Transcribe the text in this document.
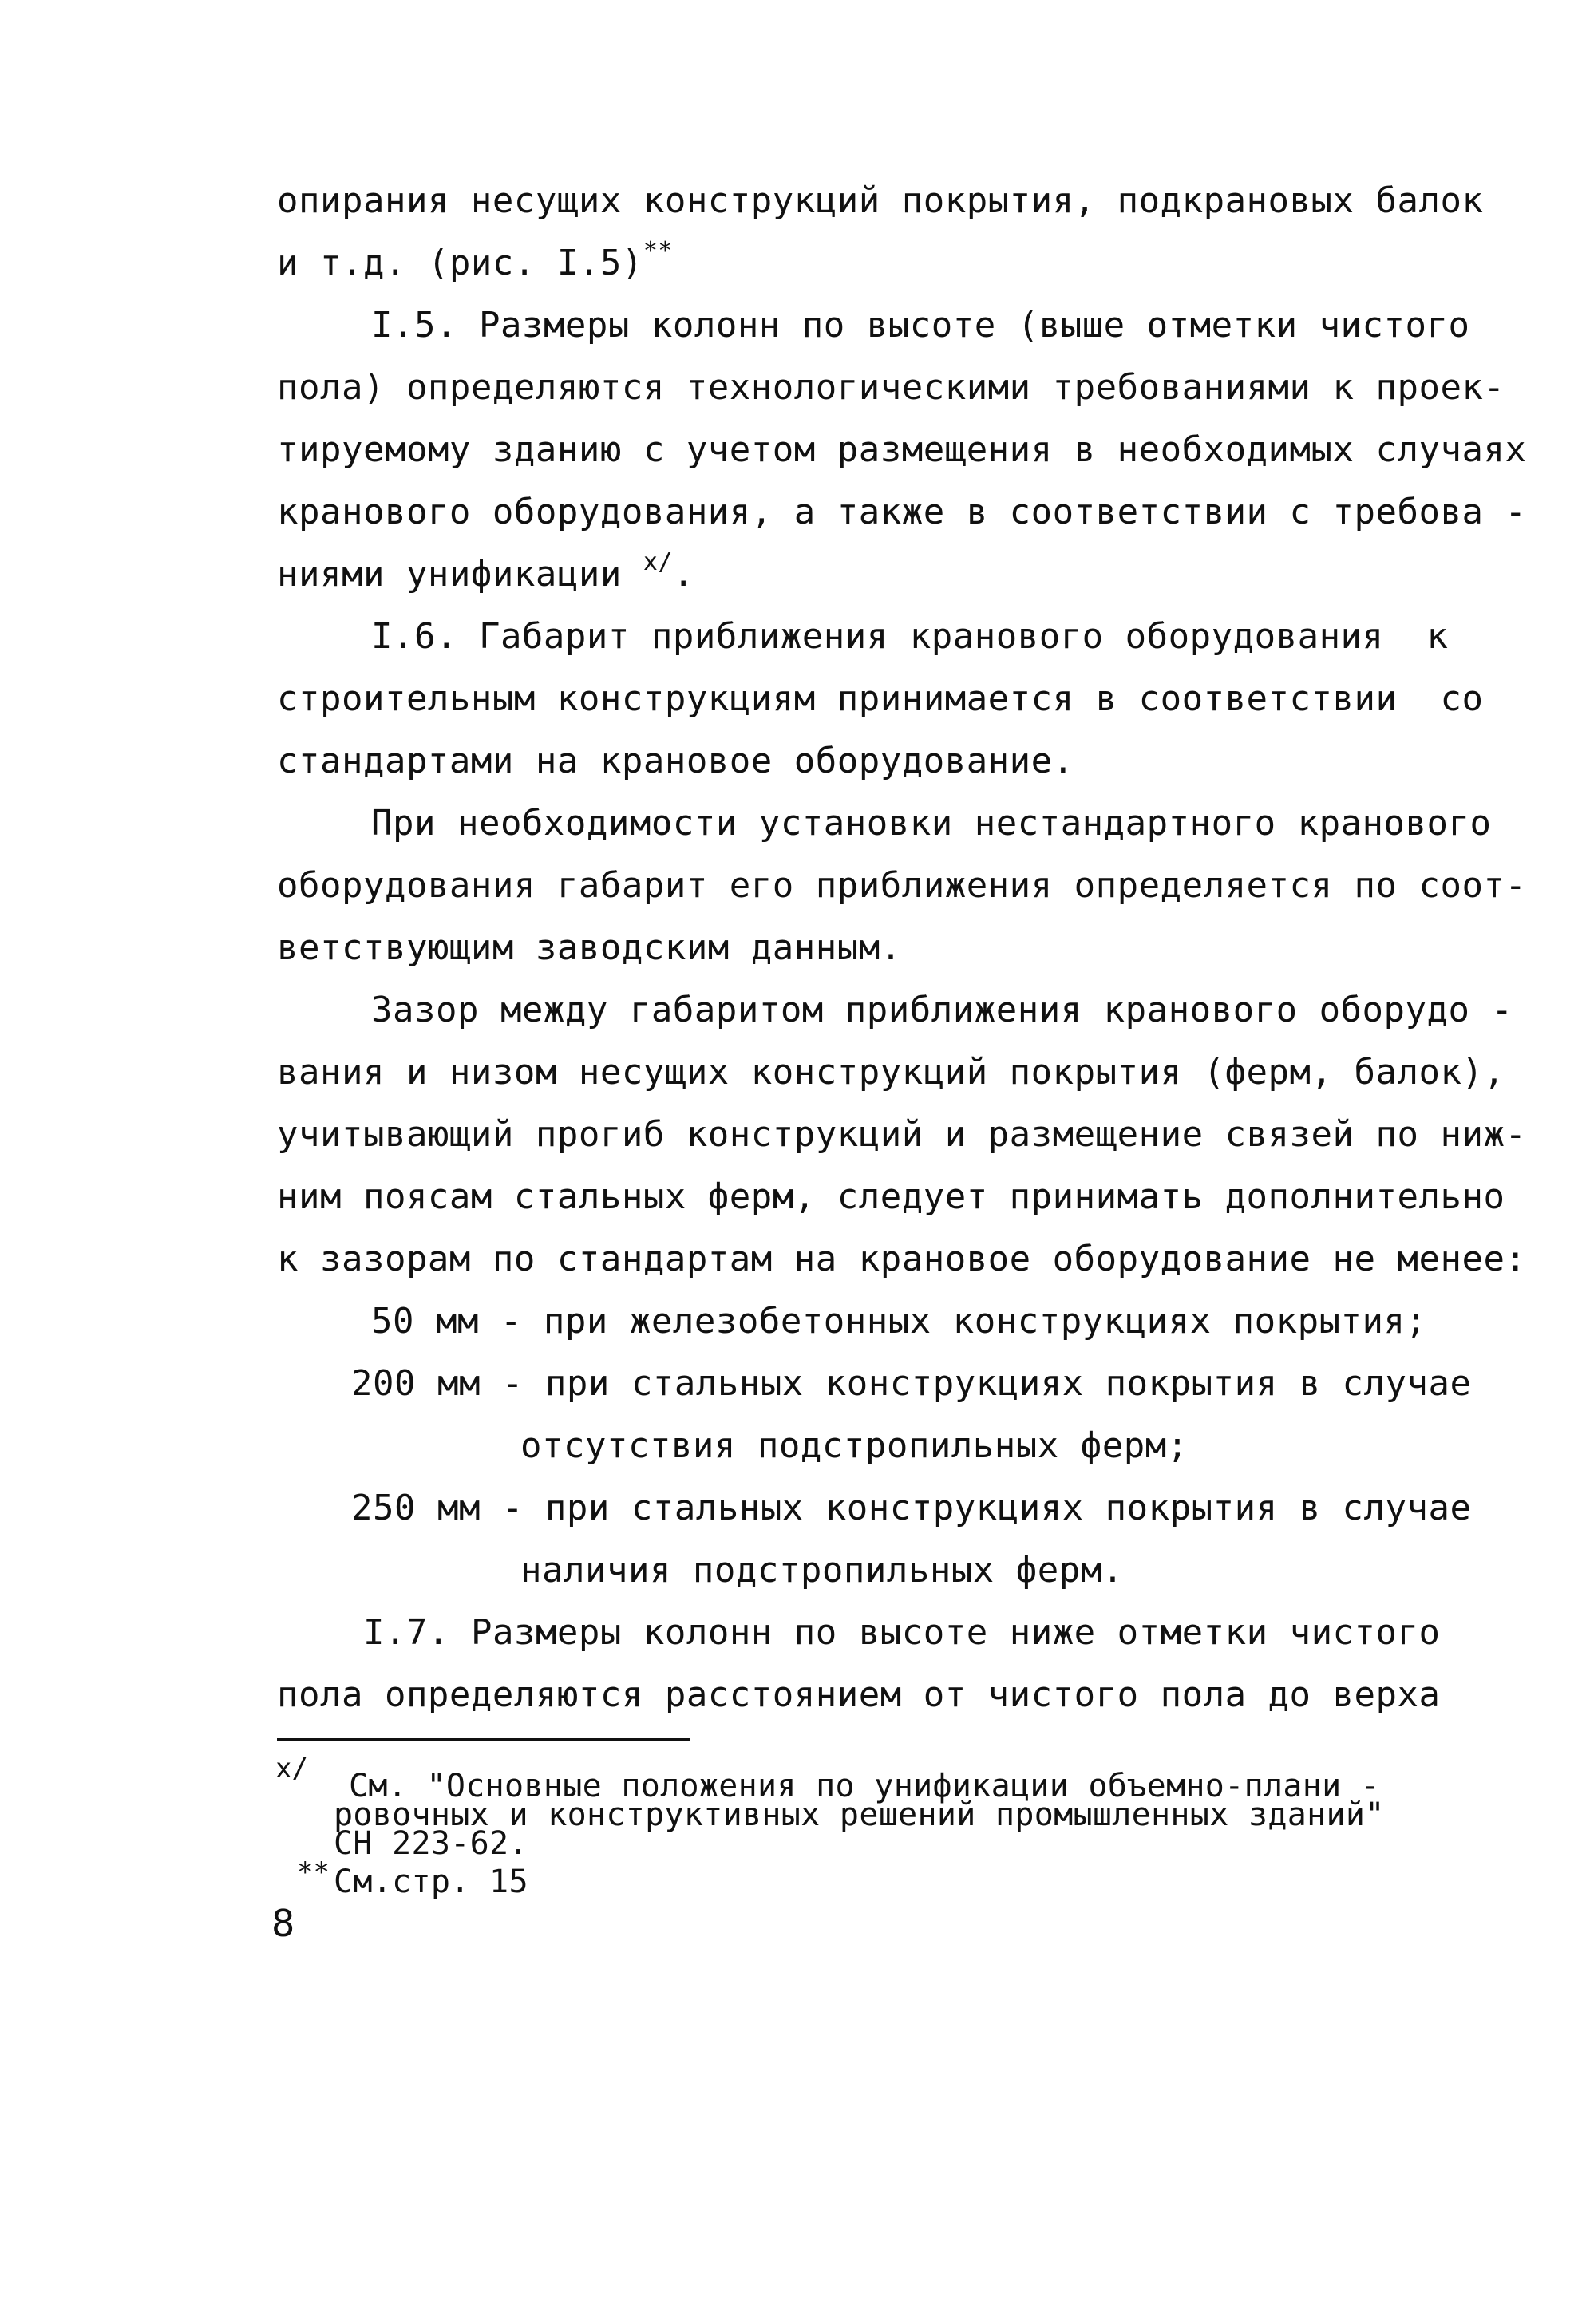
опирания несущих конструкций покрытия, подкрановых балок
и т.д. (рис. I.5)**
I.5. Размеры колонн по высоте (выше отметки чистого
пола) определяются технологическими требованиями к проек-
тируемому зданию с учетом размещения в необходимых случаях
кранового оборудования, а также в соответствии с требова -
ниями унификации $^{x/}$.
I.6. Габарит приближения кранового оборудования  к
строительным конструкциям принимается в соответствии  со
стандартами на крановое оборудование.
При необходимости установки нестандартного кранового
оборудования габарит его приближения определяется по соот-
ветствующим заводским данным.
Зазор между габаритом приближения кранового оборудо -
вания и низом несущих конструкций покрытия (ферм, балок),
учитывающий прогиб конструкций и размещение связей по ниж-
ним поясам стальных ферм, следует принимать дополнительно
к зазорам по стандартам на крановое оборудование не менее:
50 мм - при железобетонных конструкциях покрытия;
200 мм - при стальных конструкциях покрытия в случае
отсутствия подстропильных ферм;
250 мм - при стальных конструкциях покрытия в случае
наличия подстропильных ферм.
I.7. Размеры колонн по высоте ниже отметки чистого
пола определяются расстоянием от чистого пола до верха
x/ См. "Основные положения по унификации объемно-плани -
ровочных и конструктивных решений промышленных зданий"
СН 223-62.
** См.стр. 15
8
